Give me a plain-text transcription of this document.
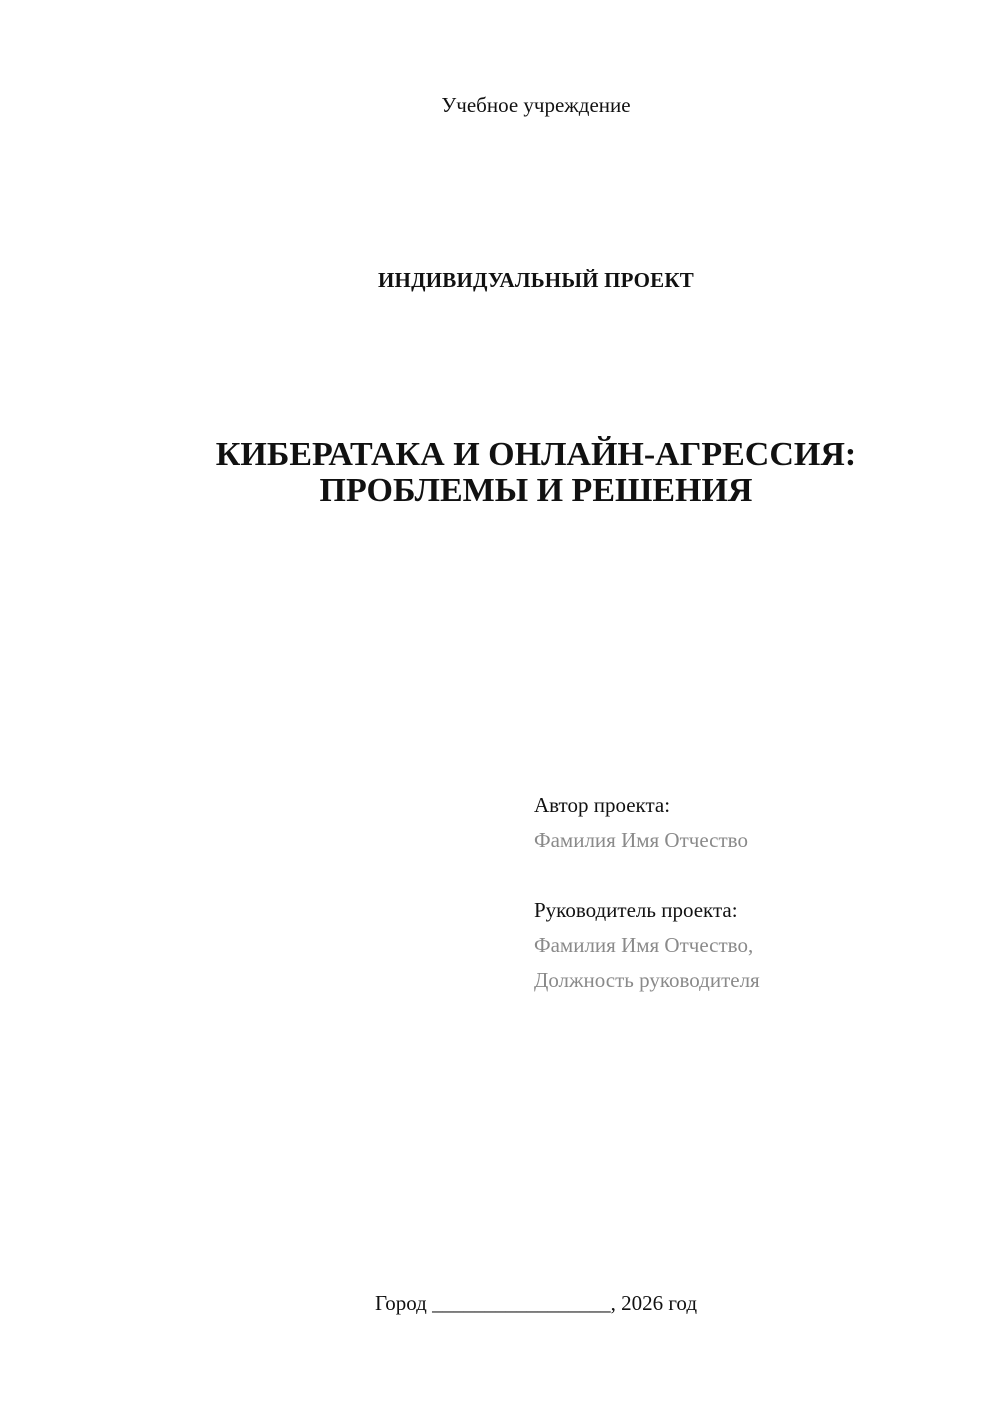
Учебное учреждение
ИНДИВИДУАЛЬНЫЙ ПРОЕКТ
КИБЕРАТАКА И ОНЛАЙН-АГРЕССИЯ:
ПРОБЛЕМЫ И РЕШЕНИЯ
Автор проекта:
Фамилия Имя Отчество
Руководитель проекта:
Фамилия Имя Отчество,
Должность руководителя
Город _________________, 2026 год
